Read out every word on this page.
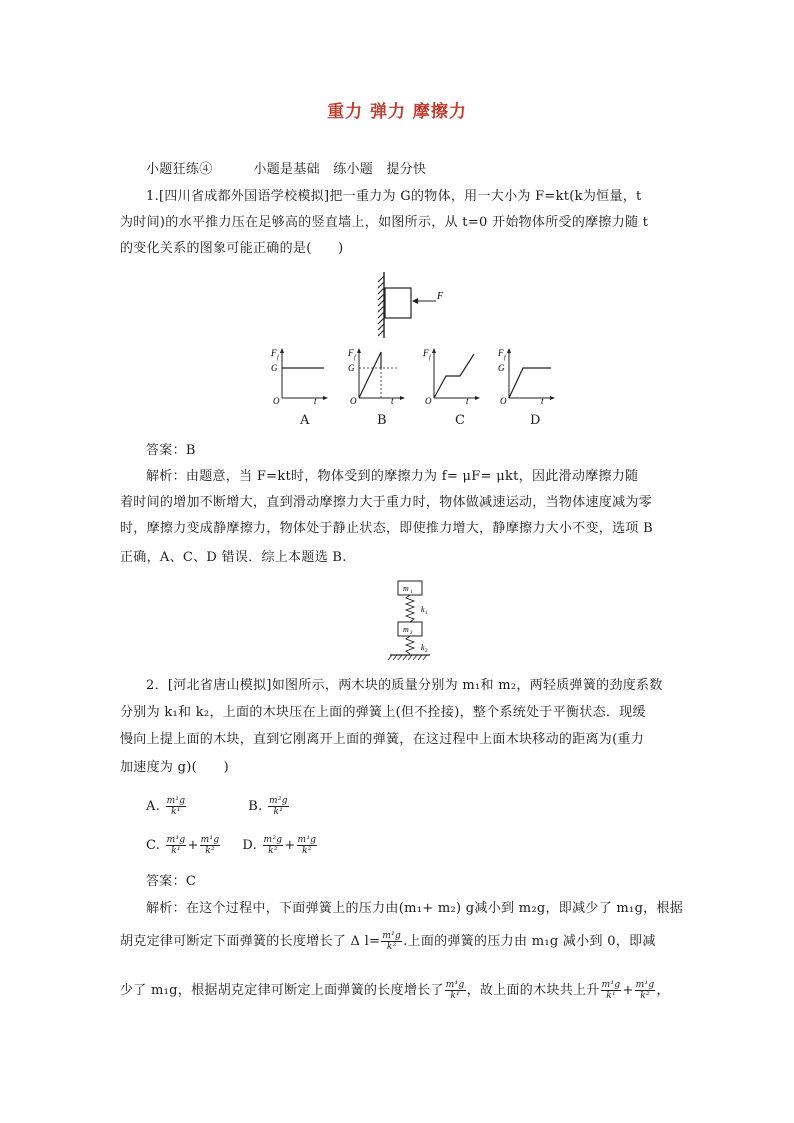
重力 弹力 摩擦力
小题狂练④	小题是基础　练小题　提分快
1.[四川省成都外国语学校模拟]把一重力为 G的物体，用一大小为 F=kt(k为恒量，t
为时间)的水平推力压在足够高的竖直墙上，如图所示，从 t=0 开始物体所受的摩擦力随 t
的变化关系的图象可能正确的是(　　)
F
F f
G
O	t
F f
G
O	t
F f
O	t
F f
G
O	t
A	B	C	D
答案：B
解析：由题意，当 F=kt时，物体受到的摩擦力为 f= μF= μkt，因此滑动摩擦力随
着时间的增加不断增大，直到滑动摩擦力大于重力时，物体做减速运动，当物体速度减为零
时，摩擦力变成静摩擦力，物体处于静止状态，即使推力增大，静摩擦力大小不变，选项 B
正确，A、C、D 错误．综上本题选 B.
m 1
k 1
m 2
k 2
2．[河北省唐山模拟]如图所示，两木块的质量分别为 m₁和 m₂，两轻质弹簧的劲度系数
分别为 k₁和 k₂，上面的木块压在上面的弹簧上(但不拴接)，整个系统处于平衡状态．现缓
慢向上提上面的木块，直到它刚离开上面的弹簧，在这过程中上面木块移动的距离为(重力
加速度为 g)(　　)
A. $\frac{\text{m¹g}}{\text{k¹}}$	B. $\frac{\text{m²g}}{\text{k¹}}$
C. $\frac{\text{m¹g}}{\text{k¹}} + \frac{\text{m¹g}}{\text{k²}} D$. $\frac{\text{m²g}}{\text{k²}} + \frac{\text{m¹g}}{\text{k²}}$
答案：C
解析：在这个过程中，下面弹簧上的压力由(m₁+ m₂) g减小到 m₂g，即减少了 m₁g，根据
胡克定律可断定下面弹簧的长度增长了 Δ $l= \frac{\text{m¹g}}{\text{k²}}$ .上面的弹簧的压力由 m₁g 减小到 0，即减
少了 m₁g，根据胡克定律可断定上面弹簧的长度增长了 $\frac{\text{m¹g}}{\text{k¹}}$ ，故上面的木块共上升 $\frac{\text{m¹g}}{\text{k¹}} + \frac{\text{m¹g}}{\text{k²}}$ ，
